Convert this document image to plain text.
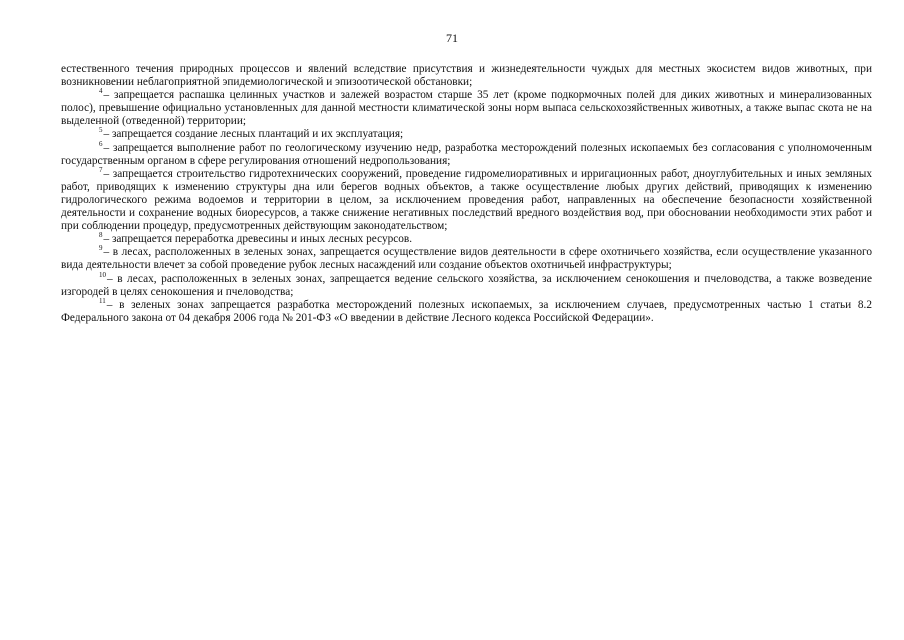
71

естественного течения природных процессов и явлений вследствие присутствия и жизнедеятельности чуждых для местных экосистем видов животных, при возникновении неблагоприятной эпидемиологической и эпизоотической обстановки;

$^4$– запрещается распашка целинных участков и залежей возрастом старше 35 лет (кроме подкормочных полей для диких животных и минерализованных полос), превышение официально установленных для данной местности климатической зоны норм выпаса сельскохозяйственных животных, а также выпас скота не на выделенной (отведенной) территории;

$^5$– запрещается создание лесных плантаций и их эксплуатация;

$^6$– запрещается выполнение работ по геологическому изучению недр, разработка месторождений полезных ископаемых без согласования с уполномоченным государственным органом в сфере регулирования отношений недропользования;

$^7$– запрещается строительство гидротехнических сооружений, проведение гидромелиоративных и ирригационных работ, дноуглубительных и иных земляных работ, приводящих к изменению структуры дна или берегов водных объектов, а также осуществление любых других действий, приводящих к изменению гидрологического режима водоемов и территории в целом, за исключением проведения работ, направленных на обеспечение безопасности хозяйственной деятельности и сохранение водных биоресурсов, а также снижение негативных последствий вредного воздействия вод, при обосновании необходимости этих работ и при соблюдении процедур, предусмотренных действующим законодательством;

$^8$– запрещается переработка древесины и иных лесных ресурсов.

$^9$– в лесах, расположенных в зеленых зонах, запрещается осуществление видов деятельности в сфере охотничьего хозяйства, если осуществление указанного вида деятельности влечет за собой проведение рубок лесных насаждений или создание объектов охотничьей инфраструктуры;

$^{10}$– в лесах, расположенных в зеленых зонах, запрещается ведение сельского хозяйства, за исключением сенокошения и пчеловодства, а также возведение изгородей в целях сенокошения и пчеловодства;

$^{11}$– в зеленых зонах запрещается разработка месторождений полезных ископаемых, за исключением случаев, предусмотренных частью 1 статьи 8.2 Федерального закона от 04 декабря 2006 года № 201-ФЗ «О введении в действие Лесного кодекса Российской Федерации».
